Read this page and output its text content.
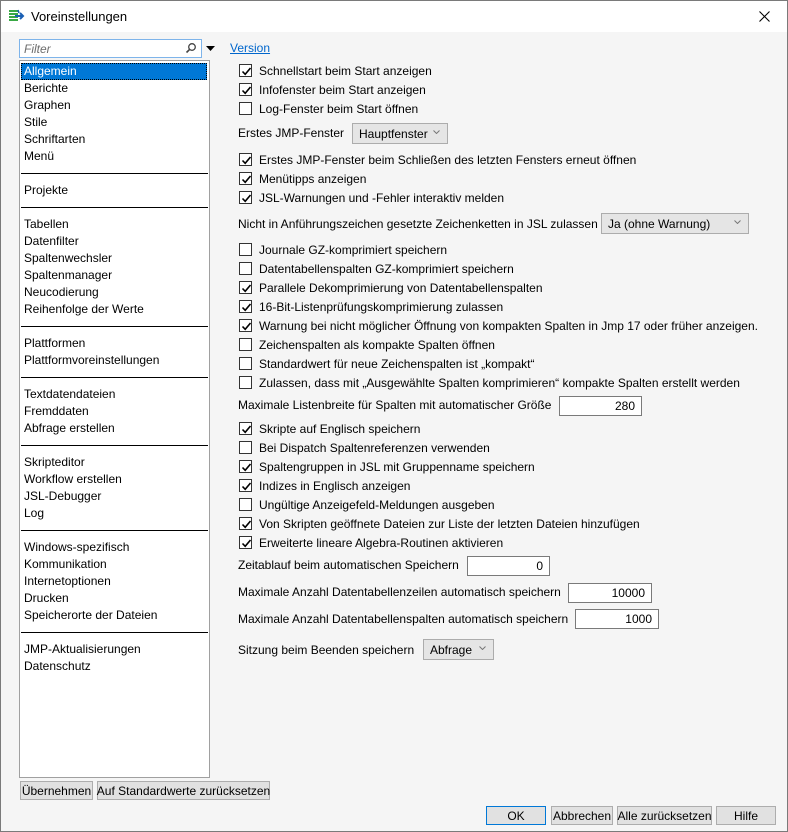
Voreinstellungen
Filter
Allgemein
Berichte
Graphen
Stile
Schriftarten
Menü
Projekte
Tabellen
Datenfilter
Spaltenwechsler
Spaltenmanager
Neucodierung
Reihenfolge der Werte
Plattformen
Plattformvoreinstellungen
Textdatendateien
Fremddaten
Abfrage erstellen
Skripteditor
Workflow erstellen
JSL-Debugger
Log
Windows-spezifisch
Kommunikation
Internetoptionen
Drucken
Speicherorte der Dateien
JMP-Aktualisierungen
Datenschutz
Übernehmen Auf Standardwerte zurücksetzen
OK	Abbrechen Alle zurücksetzen	Hilfe
Version
Schnellstart beim Start anzeigen
Infofenster beim Start anzeigen
Log-Fenster beim Start öffnen
Erstes JMP-Fenster Hauptfenster
Erstes JMP-Fenster beim Schließen des letzten Fensters erneut öffnen
Menütipps anzeigen
JSL-Warnungen und -Fehler interaktiv melden
Nicht in Anführungszeichen gesetzte Zeichenketten in JSL zulassen Ja (ohne Warnung)
Journale GZ-komprimiert speichern
Datentabellenspalten GZ-komprimiert speichern
Parallele Dekomprimierung von Datentabellenspalten
16-Bit-Listenprüfungskomprimierung zulassen
Warnung bei nicht möglicher Öffnung von kompakten Spalten in Jmp 17 oder früher anzeigen.
Zeichenspalten als kompakte Spalten öffnen
Standardwert für neue Zeichenspalten ist „kompakt“
Zulassen, dass mit „Ausgewählte Spalten komprimieren“ kompakte Spalten erstellt werden
Maximale Listenbreite für Spalten mit automatischer Größe	280
Skripte auf Englisch speichern
Bei Dispatch Spaltenreferenzen verwenden
Spaltengruppen in JSL mit Gruppenname speichern
Indizes in Englisch anzeigen
Ungültige Anzeigefeld-Meldungen ausgeben
Von Skripten geöffnete Dateien zur Liste der letzten Dateien hinzufügen
Erweiterte lineare Algebra-Routinen aktivieren
Zeitablauf beim automatischen Speichern	0
Maximale Anzahl Datentabellenzeilen automatisch speichern	10000
Maximale Anzahl Datentabellenspalten automatisch speichern	1000
Sitzung beim Beenden speichern Abfrage
